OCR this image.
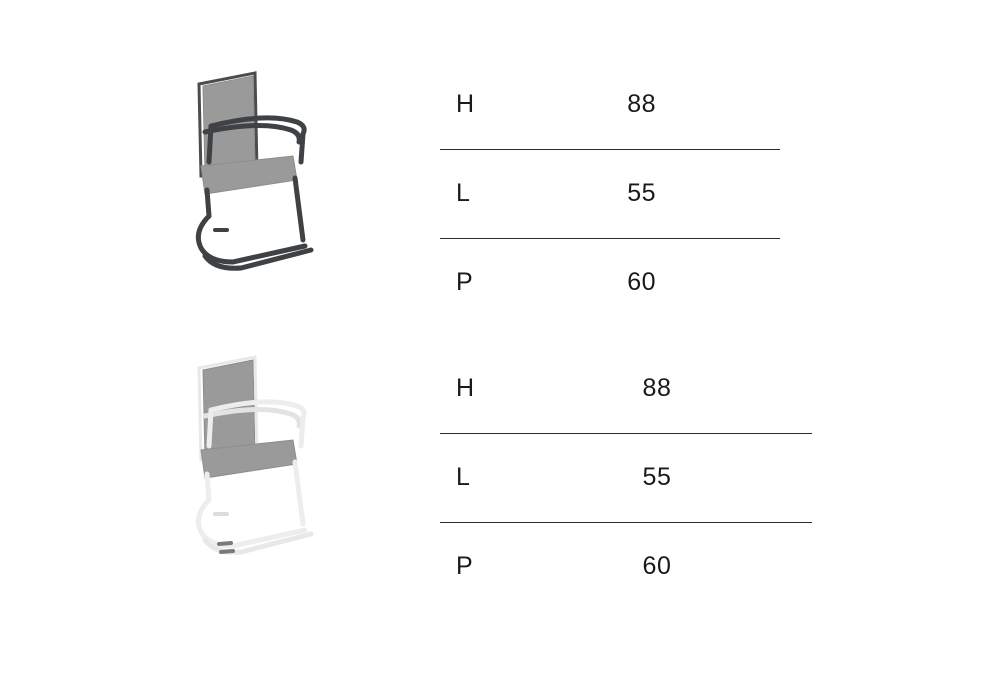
H	88
L	55
P	60
H	88
L	55
P	60
